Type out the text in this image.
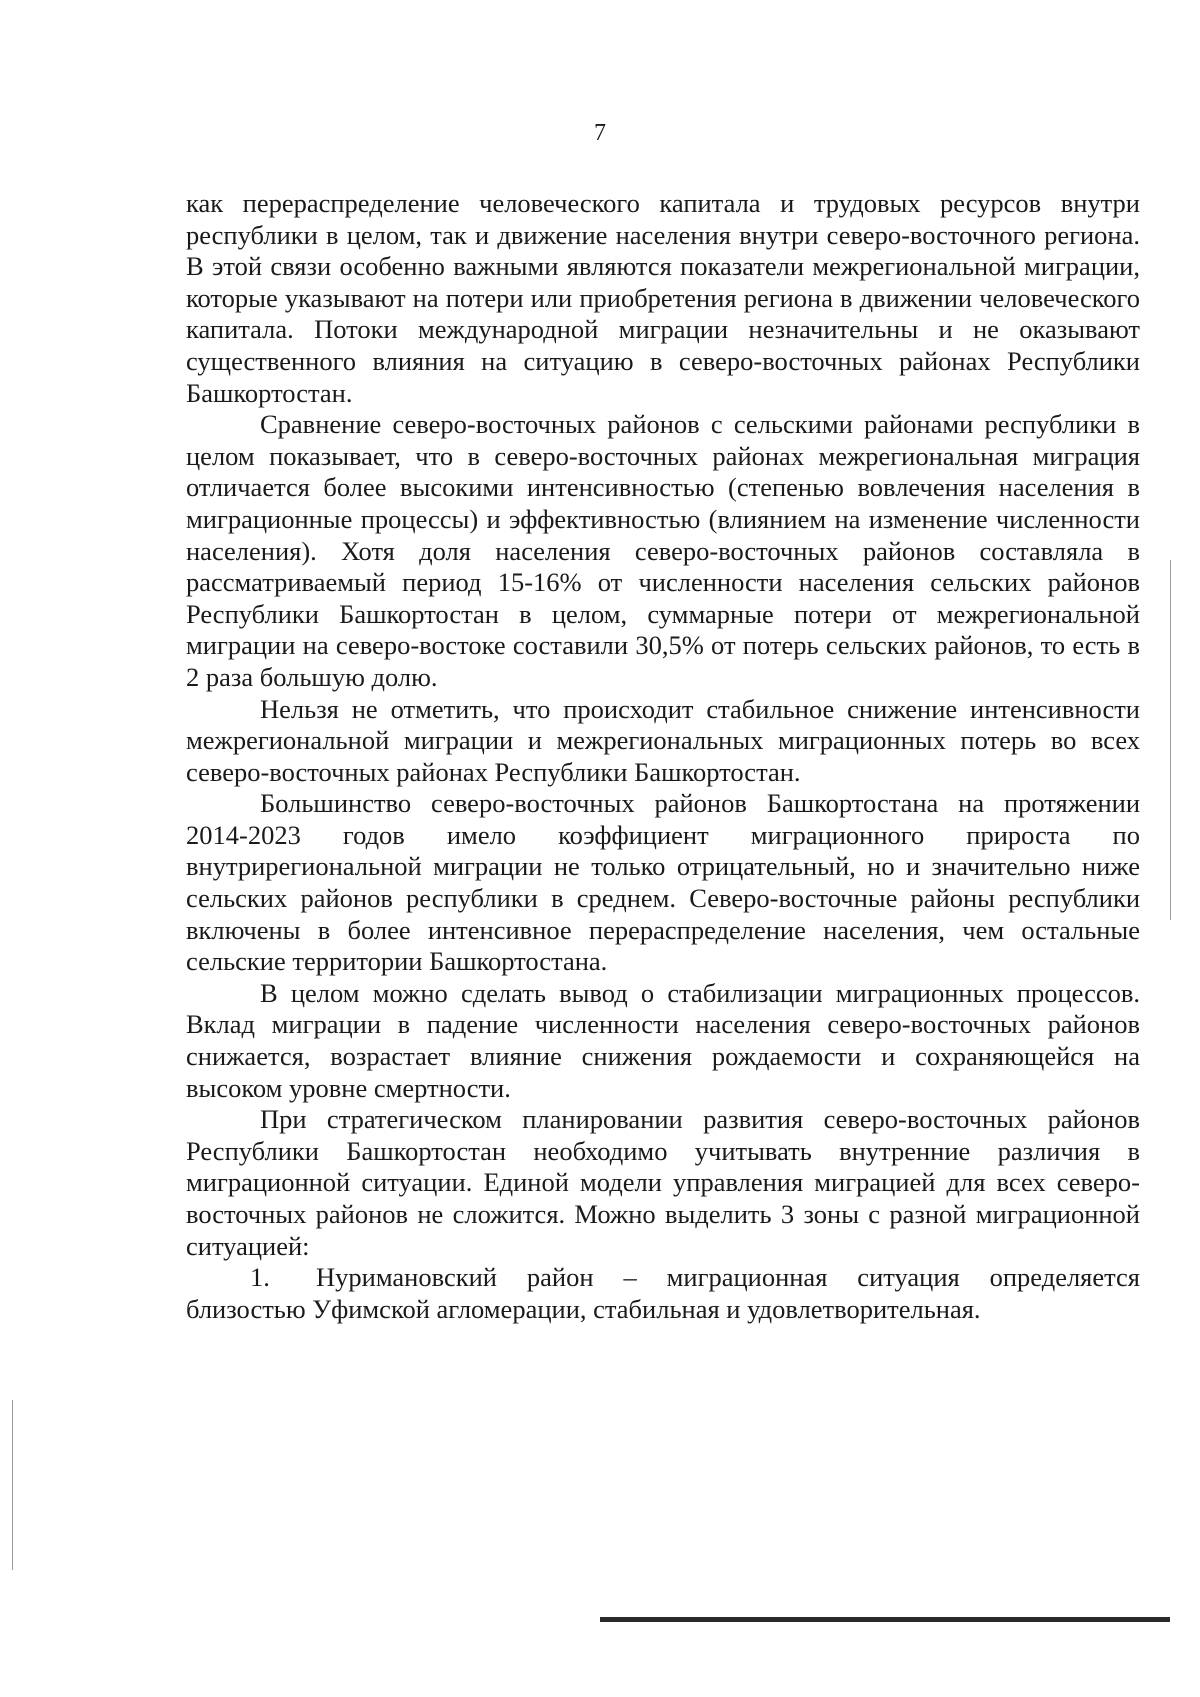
7

как перераспределение человеческого капитала и трудовых ресурсов внутри республики в целом, так и движение населения внутри северо-восточного региона. В этой связи особенно важными являются показатели межрегиональной миграции, которые указывают на потери или приобретения региона в движении человеческого капитала. Потоки международной миграции незначительны и не оказывают существенного влияния на ситуацию в северо-восточных районах Республики Башкортостан.

Сравнение северо-восточных районов с сельскими районами республики в целом показывает, что в северо-восточных районах межрегиональная миграция отличается более высокими интенсивностью (степенью вовлечения населения в миграционные процессы) и эффективностью (влиянием на изменение численности населения). Хотя доля населения северо-восточных районов составляла в рассматриваемый период 15-16% от численности населения сельских районов Республики Башкортостан в целом, суммарные потери от межрегиональной миграции на северо-востоке составили 30,5% от потерь сельских районов, то есть в 2 раза большую долю.

Нельзя не отметить, что происходит стабильное снижение интенсивности межрегиональной миграции и межрегиональных миграционных потерь во всех северо-восточных районах Республики Башкортостан.

Большинство северо-восточных районов Башкортостана на протяжении 2014-2023 годов имело коэффициент миграционного прироста по внутрирегиональной миграции не только отрицательный, но и значительно ниже сельских районов республики в среднем. Северо-восточные районы республики включены в более интенсивное перераспределение населения, чем остальные сельские территории Башкортостана.

В целом можно сделать вывод о стабилизации миграционных процессов. Вклад миграции в падение численности населения северо-восточных районов снижается, возрастает влияние снижения рождаемости и сохраняющейся на высоком уровне смертности.

При стратегическом планировании развития северо-восточных районов Республики Башкортостан необходимо учитывать внутренние различия в миграционной ситуации. Единой модели управления миграцией для всех северо-восточных районов не сложится. Можно выделить 3 зоны с разной миграционной ситуацией:

1. Нуримановский район – миграционная ситуация определяется близостью Уфимской агломерации, стабильная и удовлетворительная.
